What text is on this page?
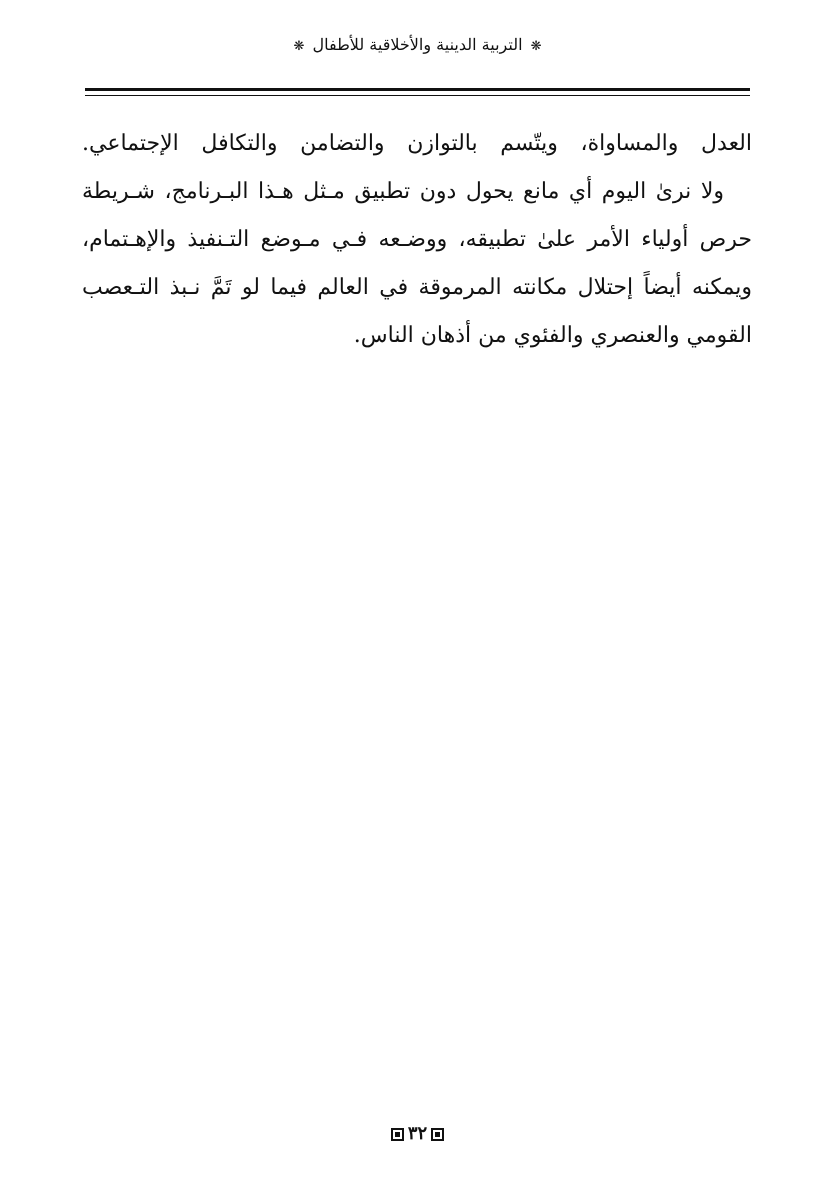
❋ التربية الدينية والأخلاقية للأطفال ❋
العدل والمساواة، ويتّسم بالتوازن والتضامن والتكافل الإجتماعي.
ولا نرىٰ اليوم أي مانع يحول دون تطبيق مـثل هـذا البـرنامج، شـريطة
حرص أولياء الأمر علىٰ تطبيقه، ووضـعه فـي مـوضع التـنفيذ والإهـتمام،
ويمكنه أيضاً إحتلال مكانته المرموقة في العالم فيما لو تَمَّ نـبذ التـعصب
القومي والعنصري والفئوي من أذهان الناس.
٣٢
